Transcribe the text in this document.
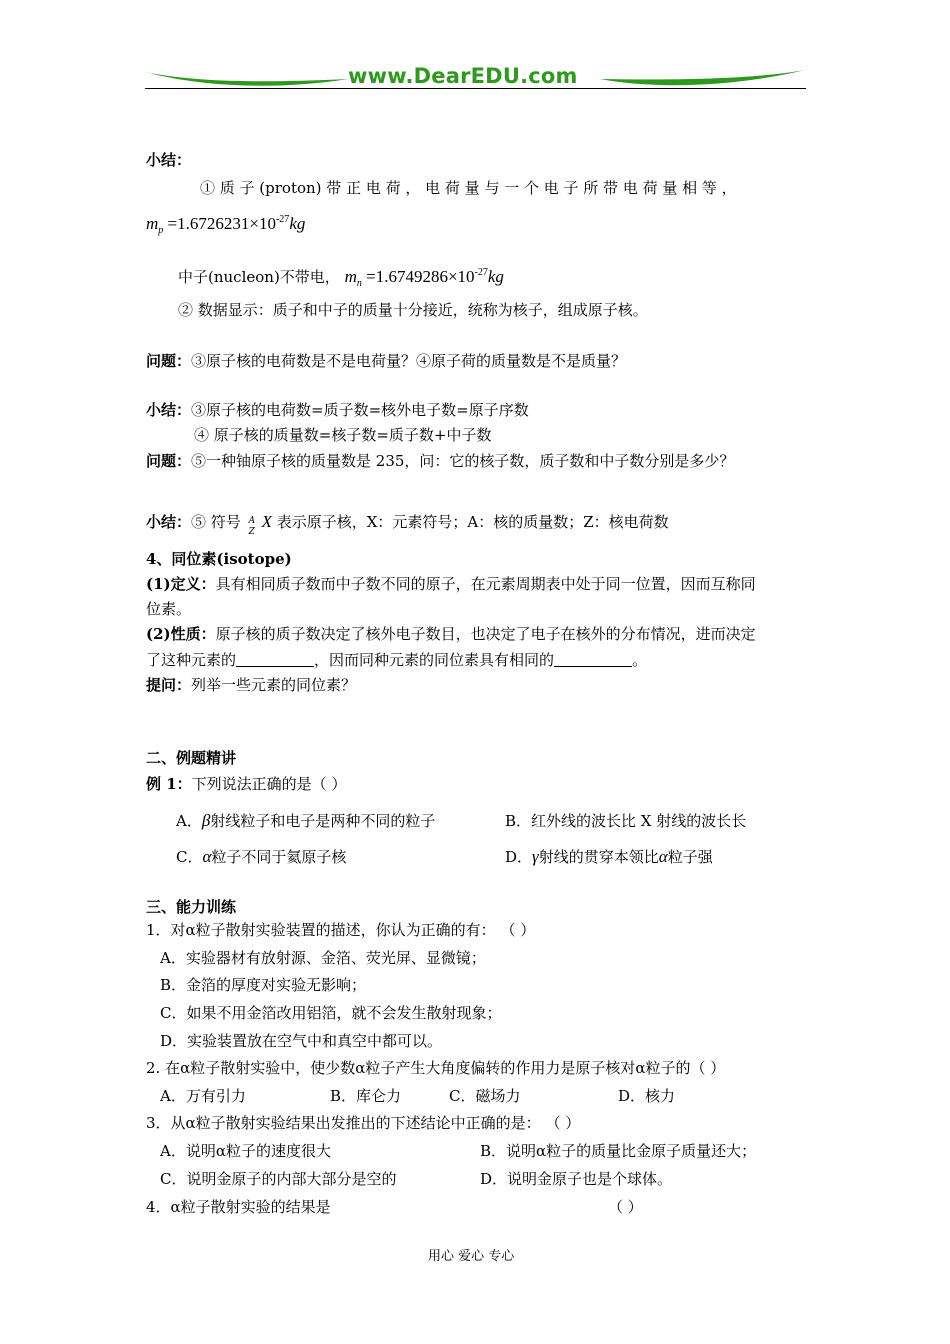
www.DearEDU.com
小结：
① 质 子 (proton) 带 正 电 荷 ， 电 荷 量 与 一 个 电 子 所 带 电 荷 量 相 等 ，
$m_p =1.6726231\times 10^{-27}kg$
中子(nucleon)不带电， $m_n =1.6749286\times 10^{-27}kg$
② 数据显示：质子和中子的质量十分接近，统称为核子，组成原子核。
问题：③原子核的电荷数是不是电荷量？④原子荷的质量数是不是质量？
小结：③原子核的电荷数=质子数=核外电子数=原子序数
④ 原子核的质量数=核子数=质子数+中子数
问题：⑤一种铀原子核的质量数是 235，问：它的核子数，质子数和中子数分别是多少？
小结：⑤ 符号 A
Z
X 表示原子核，X：元素符号；A：核的质量数；Z：核电荷数
4、同位素(isotope)
(1)定义：具有相同质子数而中子数不同的原子，在元素周期表中处于同一位置，因而互称同
位素。
(2)性质：原子核的质子数决定了核外电子数目，也决定了电子在核外的分布情况，进而决定
了这种元素的	，因而同种元素的同位素具有相同的	。
提问：列举一些元素的同位素？
二、例题精讲
例 1：下列说法正确的是（ ）
A．β射线粒子和电子是两种不同的粒子	B．红外线的波长比 X 射线的波长长
C．α粒子不同于氦原子核	D．γ射线的贯穿本领比α粒子强
三、能力训练
1．对α粒子散射实验装置的描述，你认为正确的有： （ ）
A．实验器材有放射源、金箔、荧光屏、显微镜；
B．金箔的厚度对实验无影响；
C．如果不用金箔改用铝箔，就不会发生散射现象；
D．实验装置放在空气中和真空中都可以。
2. 在α粒子散射实验中，使少数α粒子产生大角度偏转的作用力是原子核对α粒子的（ ）
A．万有引力	B．库仑力	C．磁场力	D．核力
3．从α粒子散射实验结果出发推出的下述结论中正确的是： （ ）
A．说明α粒子的速度很大	B．说明α粒子的质量比金原子质量还大；
C．说明金原子的内部大部分是空的	D．说明金原子也是个球体。
4．α粒子散射实验的结果是	（ ）
用心 爱心 专心
